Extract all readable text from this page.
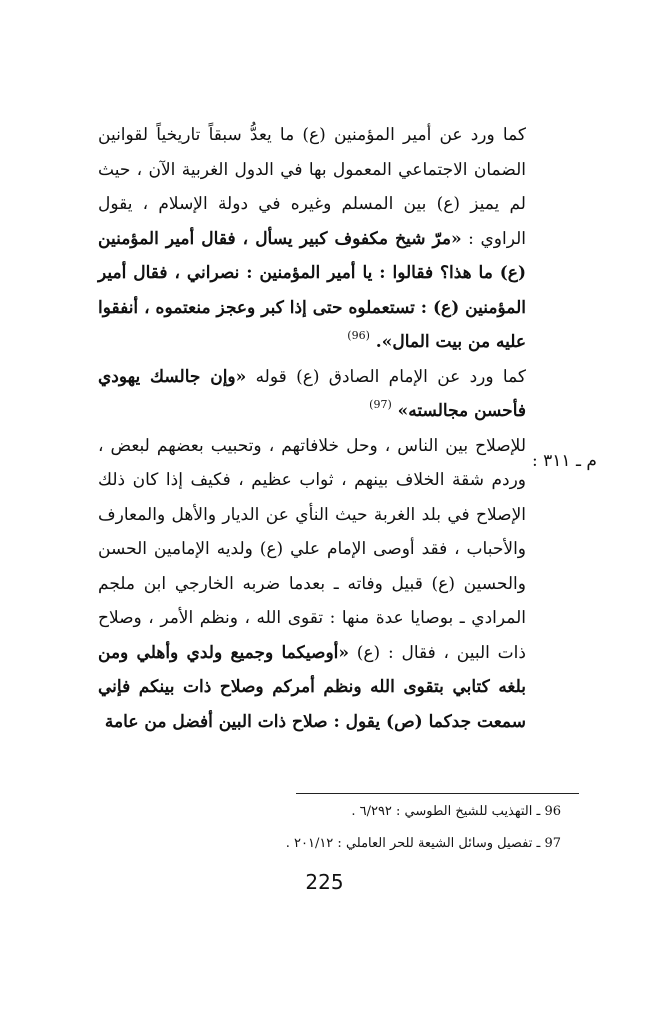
كما ورد عن أمير المؤمنين (ع) ما يعدُّ سبقاً تاريخياً لقوانين الضمان الاجتماعي المعمول بها في الدول الغربية الآن ، حيث لم يميز (ع) بين المسلم وغيره في دولة الإسلام ، يقول الراوي : «مرّ شيخ مكفوف كبير يسأل ، فقال أمير المؤمنين (ع) ما هذا؟ فقالوا : يا أمير المؤمنين : نصراني ، فقال أمير المؤمنين (ع) : تستعملوه حتى إذا كبر وعجز منعتموه ، أنفقوا عليه من بيت المال». $^{(96)}$

كما ورد عن الإمام الصادق (ع) قوله «وإن جالسك يهودي فأحسن مجالسته» $^{(97)}$

للإصلاح بين الناس ، وحل خلافاتهم ، وتحبيب بعضهم لبعض ، وردم شقة الخلاف بينهم ، ثواب عظيم ، فكيف إذا كان ذلك الإصلاح في بلد الغربة حيث النأي عن الديار والأهل والمعارف والأحباب ، فقد أوصى الإمام علي (ع) ولديه الإمامين الحسن والحسين (ع) قبيل وفاته ـ بعدما ضربه الخارجي ابن ملجم المرادي ـ بوصايا عدة منها : تقوى الله ، ونظم الأمر ، وصلاح ذات البين ، فقال : (ع) «أوصيكما وجميع ولدي وأهلي ومن بلغه كتابي بتقوى الله ونظم أمركم وصلاح ذات بينكم فإني سمعت جدكما (ص) يقول : صلاح ذات البين أفضل من عامة

م ـ ٣١١ :
96 ـ التهذيب للشيخ الطوسي : ٦/٢٩٢ .
97 ـ تفصيل وسائل الشيعة للحر العاملي : ٢٠١/١٢ .
225
